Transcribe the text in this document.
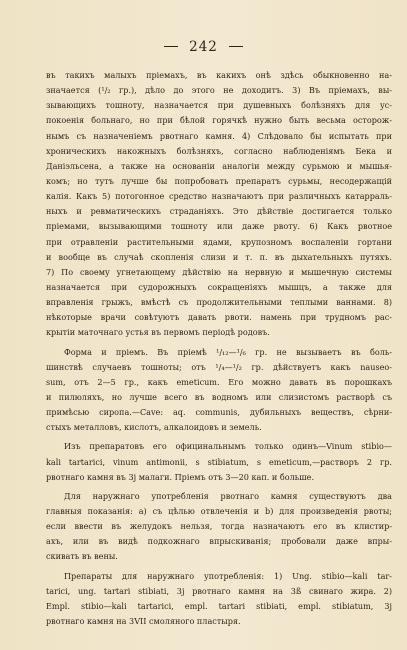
242
въ такихъ малыхъ пріемахъ, въ какихъ онѣ здѣсь обыкновенно на-
значается (¹/₂ гр.), дѣло до этого не доходитъ. 3) Въ пріемахъ, вы-
зывающихъ тошноту, назначается при душевныхъ болѣзняхъ для ус-
покоенія больнаго, но при бѣлой горячкѣ нужно быть весьма осторож-
нымъ съ назначеніемъ рвотнаго камня. 4) Слѣдовало бы испытать при
хроническихъ накожныхъ болѣзняхъ, согласно наблюденіямъ Бека и
Даніэльсена, а также на основаніи аналогіи между сурьмою и мышья-
комъ; но тутъ лучше бы попробовать препаратъ сурьмы, несодержащій
калія. Какъ 5) потогонное средство назначаютъ при различныхъ катарраль-
ныхъ и ревматическихъ страданіяхъ. Это дѣйствіе достигается только
пріемами, вызывающими тошноту или даже рвоту. 6) Какъ рвотное
при отравленіи растительными ядами, крупозномъ воспаленіи гортани
и вообще въ случаѣ скопленія слизи и т. п. въ дыхательныхъ путяхъ.
7) По своему угнетающему дѣйствію на нервную и мышечную системы
назначается при судорожныхъ сокращеніяхъ мышцъ, а также для
вправленія грыжъ, вмѣстѣ съ продолжительными теплыми ваннами. 8)
нѣкоторые врачи совѣтуютъ давать рвоти. намень при трудномъ рас-
крытіи маточнаго устья въ первомъ періодѣ родовъ.
Форма и пріемъ. Въ пріемѣ ¹/₁₂—¹/₆ гр. не вызываетъ въ боль-
шинствѣ случаевъ тошноты; отъ ¹/₄—¹/₂ гр. дѣйствуетъ какъ nauseo-
sum, отъ 2—5 гр., какъ emeticum. Его можно давать въ порошкахъ
и пилюляхъ, но лучше всего въ водномъ или слизистомъ растворѣ съ
примѣсью сиропа.—Cave: aq. communis, дубильныхъ веществъ, сѣрни-
стыхъ металловъ, кислотъ, алкалоидовъ и земель.
Изъ препаратовъ его официнальнымъ только одинъ—Vinum stibio—
kali tartarici, vinum antimonii, s stibiatum, s emeticum,—растворъ 2 гр.
рвотнаго камня въ 3j малаги. Пріемъ отъ 3—20 кап. и больше.
Для наружнаго употребленія рвотнаго камня существуютъ два
главныя показанія: а) съ цѣлью отвлеченія и b) для произведенія рвоты;
если ввести въ желудокъ нельзя, тогда назначаютъ его въ клистир-
ахъ, или въ видѣ подкожнаго впрыскиванія; пробовали даже впры-
скивать въ вены.
Препараты для наружнаго употребленія: 1) Ung. stibio—kali tar-
tarici, ung. tartari stibiati, 3j рвотнаго камня на 3ß свинаго жира. 2)
Empl. stibio—kali tartarici, empl. tartari stibiati, empl. stibiatum, 3j
рвотнаго камня на 3VII смоляного пластыря.
